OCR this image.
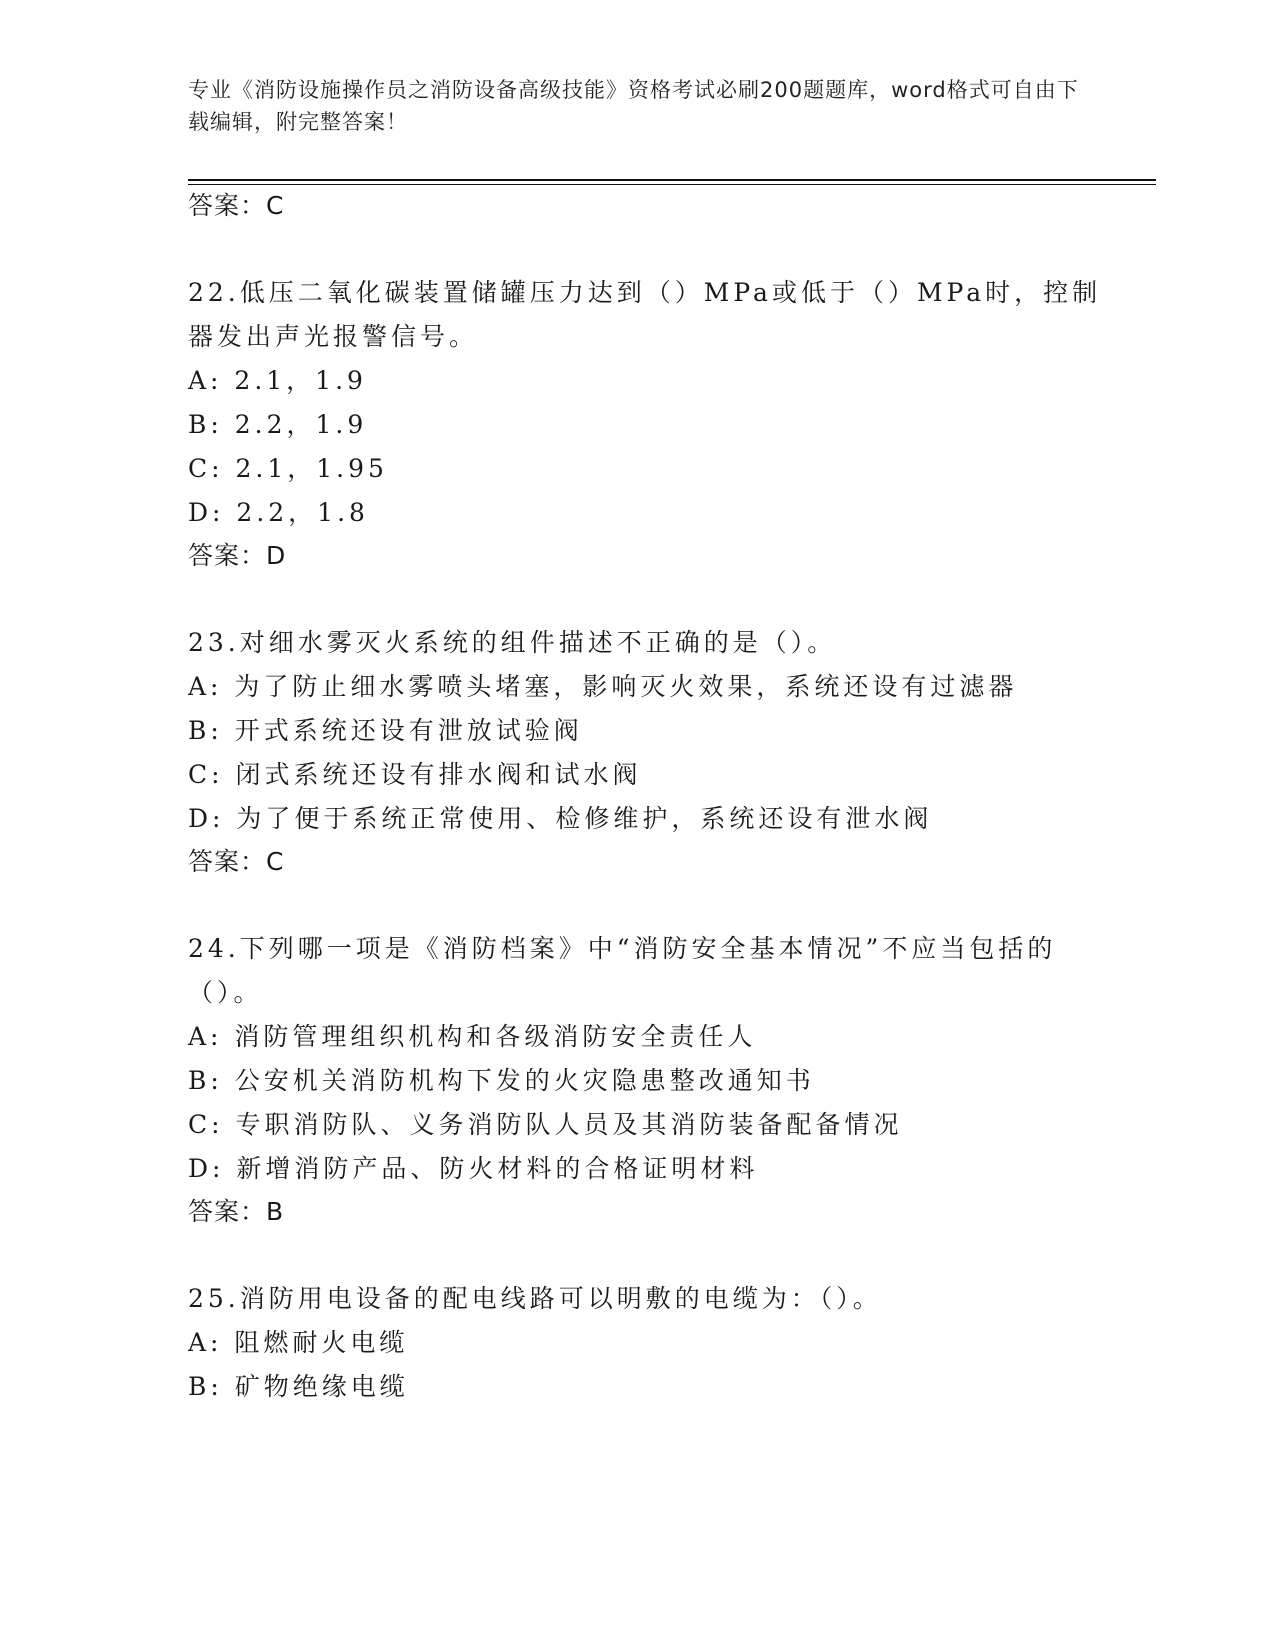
专业《消防设施操作员之消防设备高级技能》资格考试必刷200题题库，word格式可自由下载编辑，附完整答案！
答案：C
22.低压二氧化碳装置储罐压力达到（）MPa或低于（）MPa时，控制
器发出声光报警信号。
A: 2.1，1.9
B: 2.2，1.9
C: 2.1，1.95
D: 2.2，1.8
答案：D
23.对细水雾灭火系统的组件描述不正确的是（）。
A: 为了防止细水雾喷头堵塞，影响灭火效果，系统还设有过滤器
B: 开式系统还设有泄放试验阀
C: 闭式系统还设有排水阀和试水阀
D: 为了便于系统正常使用、检修维护，系统还设有泄水阀
答案：C
24.下列哪一项是《消防档案》中“消防安全基本情况”不应当包括的
（）。
A: 消防管理组织机构和各级消防安全责任人
B: 公安机关消防机构下发的火灾隐患整改通知书
C: 专职消防队、义务消防队人员及其消防装备配备情况
D: 新增消防产品、防火材料的合格证明材料
答案：B
25.消防用电设备的配电线路可以明敷的电缆为：（）。
A: 阻燃耐火电缆
B: 矿物绝缘电缆
